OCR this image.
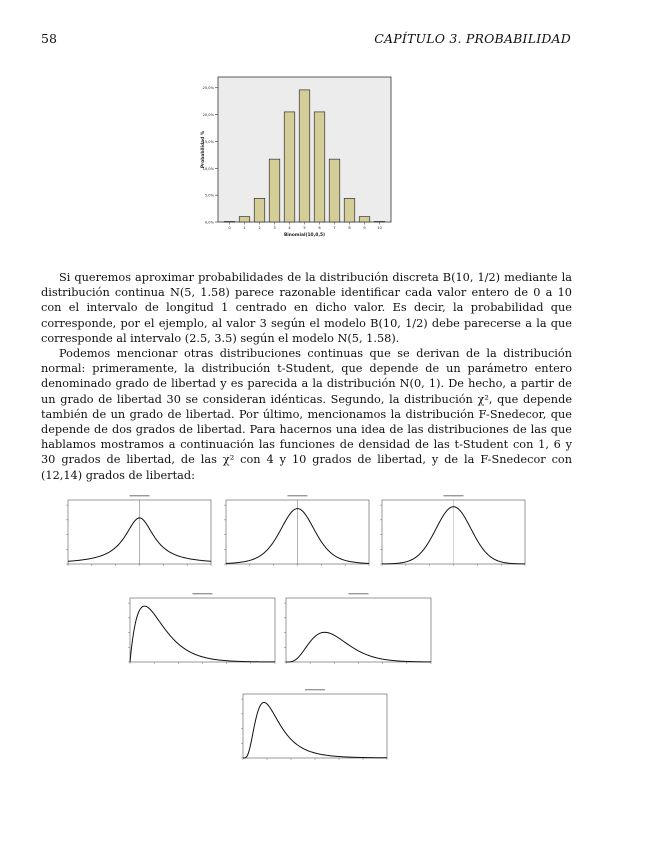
58	CAPÍTULO 3. PROBABILIDAD
0,0%
5,0%
10,0%
15,0%
20,0%
25,0%
0	1	2	3	4	5	6	7	8	9	10
Binomial(10,0,5)
Probabilidad %

Si queremos aproximar probabilidades de la distribución discreta B(10, 1/2) mediante la distribución continua N(5, 1.58) parece razonable identificar cada valor entero de 0 a 10 con el intervalo de longitud 1 centrado en dicho valor. Es decir, la probabilidad que corresponde, por el ejemplo, al valor 3 según el modelo B(10, 1/2) debe parecerse a la que corresponde al intervalo (2.5, 3.5) según el modelo N(5, 1.58).

Podemos mencionar otras distribuciones continuas que se derivan de la distribución normal: primeramente, la distribución t-Student, que depende de un parámetro entero denominado grado de libertad y es parecida a la distribución N(0, 1). De hecho, a partir de un grado de libertad 30 se consideran idénticas. Segundo, la distribución χ², que depende también de un grado de libertad. Por último, mencionamos la distribución F-Snedecor, que depende de dos grados de libertad. Para hacernos una idea de las distribuciones de las que hablamos mostramos a continuación las funciones de densidad de las t-Student con 1, 6 y 30 grados de libertad, de las χ² con 4 y 10 grados de libertad, y de la F-Snedecor con (12,14) grados de libertad:
